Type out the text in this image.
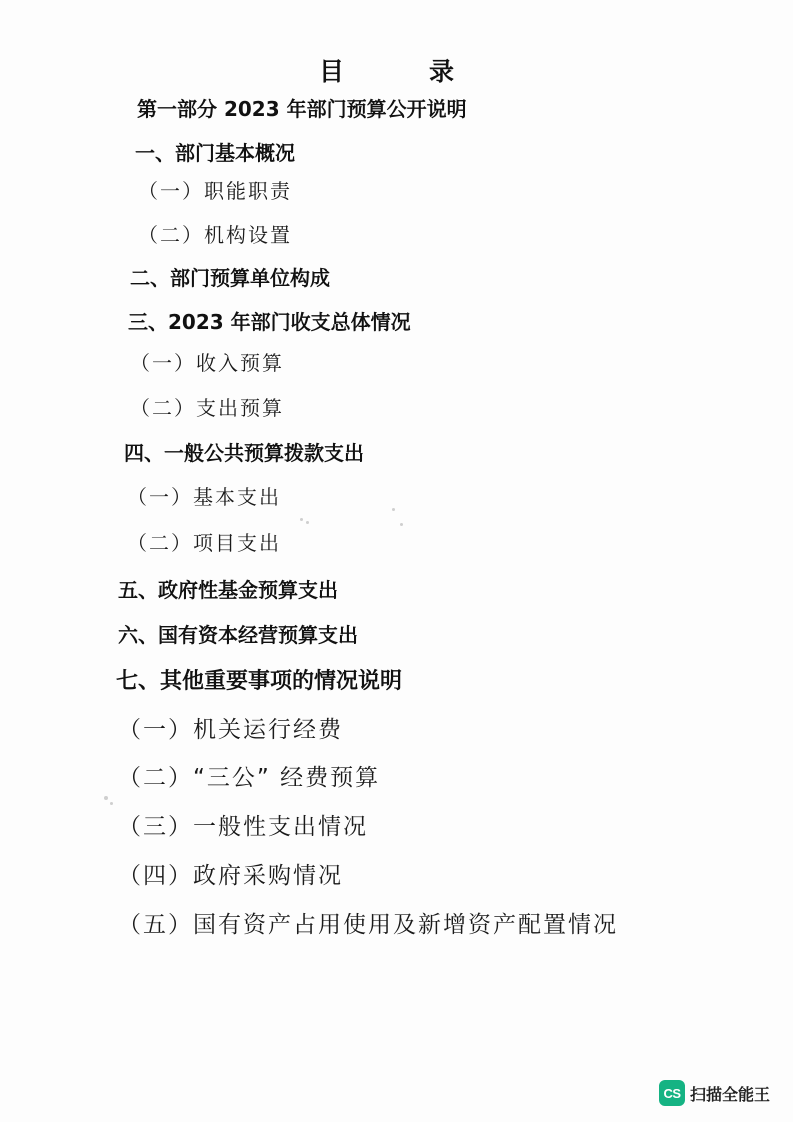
目　录
第一部分 2023 年部门预算公开说明
一、部门基本概况
（一）职能职责
（二）机构设置
二、部门预算单位构成
三、2023 年部门收支总体情况
（一）收入预算
（二）支出预算
四、一般公共预算拨款支出
（一）基本支出
（二）项目支出
五、政府性基金预算支出
六、国有资本经营预算支出
七、其他重要事项的情况说明
（一）机关运行经费
（二）“三公” 经费预算
（三）一般性支出情况
（四）政府采购情况
（五）国有资产占用使用及新增资产配置情况
CS 扫描全能王
